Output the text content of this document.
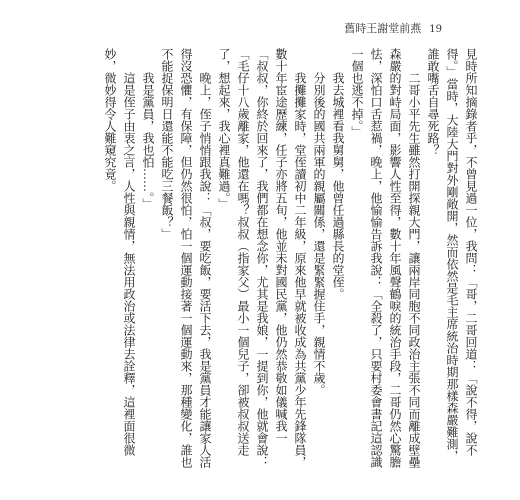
舊時王謝堂前燕 19

見時所知摘錄者乎，不曾見過一位，我問：「哥，二哥回道：「說不得，說不得。」當時，大陸大門對外剛敞開，然而依然是毛主席統治時期那樣森嚴難測，誰敢嘴舌自尋死路？

二哥小平先生雖然打開探親大門，讓兩岸同胞不同政治主張不同而離成壁壘森嚴的對峙局面，影響人性至得，數十年風聲鶴唳的統治手段，二哥仍然心驚膽怯，深怕口舌惹禍，晚上，他愉愉告訴我說：「全殺了，只要村委會書記這認識一個也逃不掉。」

我去城裡看我舅舅，他曾任過縣長的堂侄。

分別後的國共兩軍的親屬關係，還是緊緊握住手，親情不歲。

我攤攤家時，堂侄讀初中二年級，原來他早就被收成為共黨少年先鋒隊員，數十年宦途歷練，任子亦將五旬，他並未對國民黨，他仍然恭敬如儀喊我一

「叔叔，你終於回來了，我們都在想念你，尤其是我娘，一提到你，他就會說：「毛仔十八歲離家，他還在嗎？叔叔（指家父）最小一個兒子，卻被叔叔送走了，想起來，我心裡真難過。」

晚上，侄子悄悄跟我說：「叔，要吃飯，要活下去，我是黨員才能讓家人活得沒恐懼，有保障，但仍然很怕，怕一個運動接著一個運動來，那種變化，誰也不能捉保明日還能不能吃三餐飯？」

我是黨員，我也怕……。」

這是侄子由衷之言，人性與親情，無法用政治或法律去詮釋，這裡面很微妙，微妙得令人難窺究竟。
